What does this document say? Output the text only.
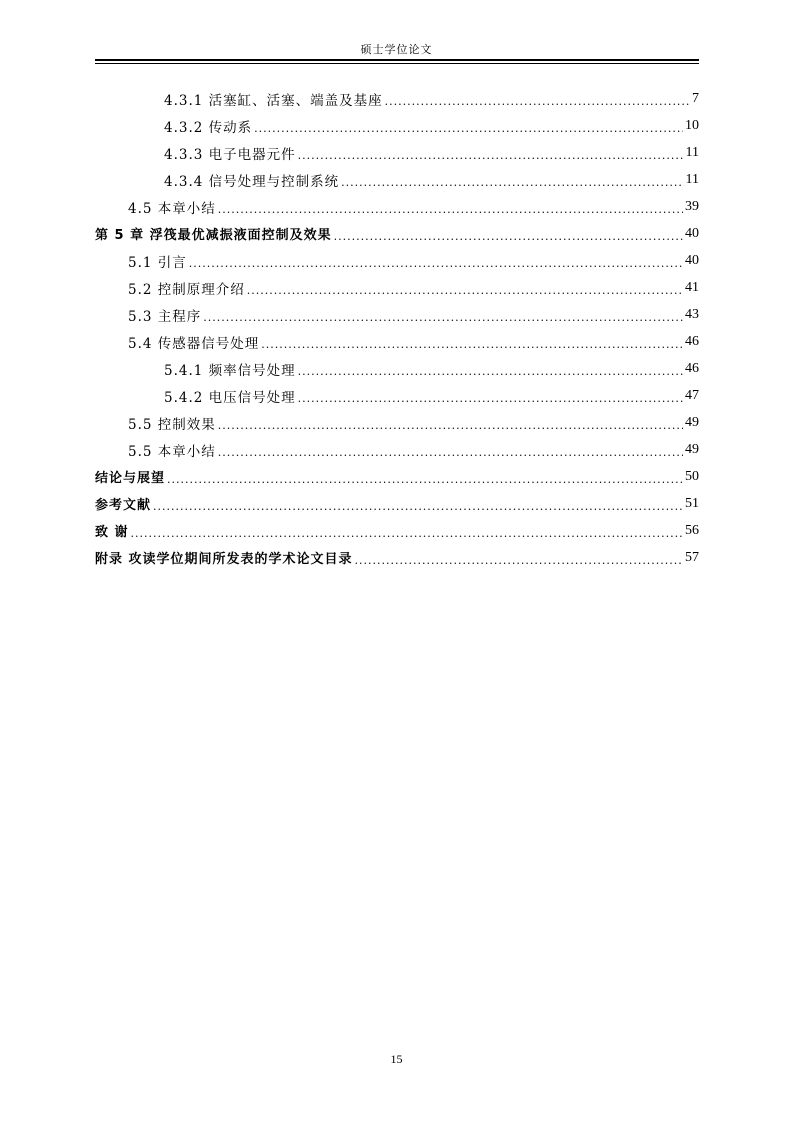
硕士学位论文
4.3.1 活塞缸、活塞、端盖及基座 .....	7
4.3.2 传动系 .....	10
4.3.3 电子电器元件 .....	11
4.3.4 信号处理与控制系统 .....	11
4.5 本章小结 .....	39
第 5 章 浮筏最优减振液面控制及效果 .....	40
5.1 引言 .....	40
5.2 控制原理介绍 .....	41
5.3 主程序 .....	43
5.4 传感器信号处理 .....	46
5.4.1 频率信号处理 .....	46
5.4.2 电压信号处理 .....	47
5.5 控制效果 .....	49
5.5 本章小结 .....	49
结论与展望 .....	50
参考文献 .....	51
致 谢 .....	56
附录 攻读学位期间所发表的学术论文目录 .....	57
15
